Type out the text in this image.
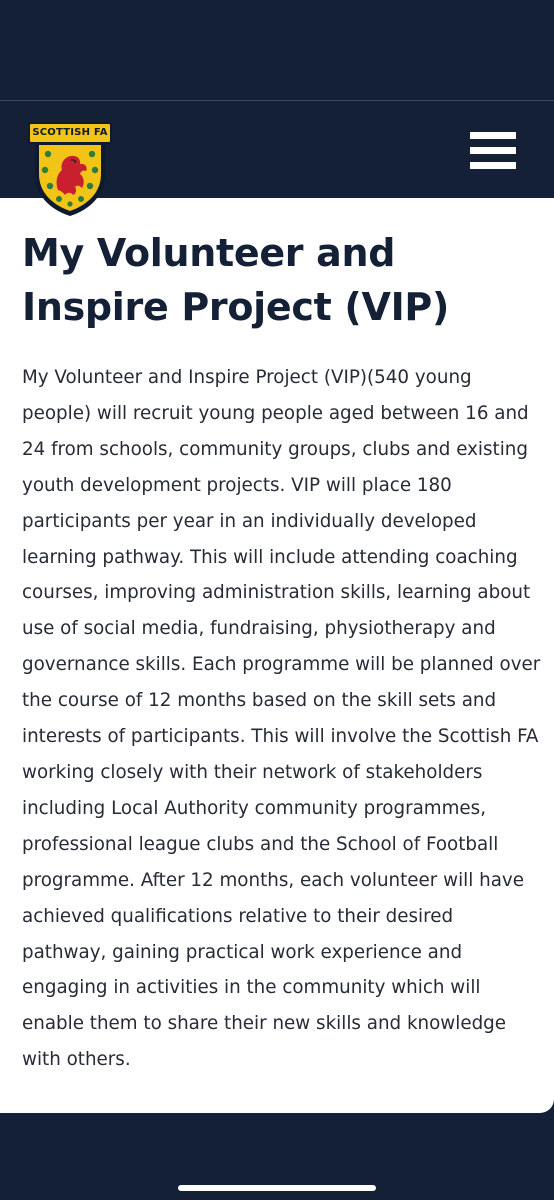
SCOTTISH FA
My Volunteer and Inspire Project (VIP)

My Volunteer and Inspire Project (VIP)(540 young people) will recruit young people aged between 16 and 24 from schools, community groups, clubs and existing youth development projects. VIP will place 180 participants per year in an individually developed learning pathway. This will include attending coaching courses, improving administration skills, learning about use of social media, fundraising, physiotherapy and governance skills. Each programme will be planned over the course of 12 months based on the skill sets and interests of participants. This will involve the Scottish FA working closely with their network of stakeholders including Local Authority community programmes, professional league clubs and the School of Football programme. After 12 months, each volunteer will have achieved qualifications relative to their desired pathway, gaining practical work experience and engaging in activities in the community which will enable them to share their new skills and knowledge with others.
